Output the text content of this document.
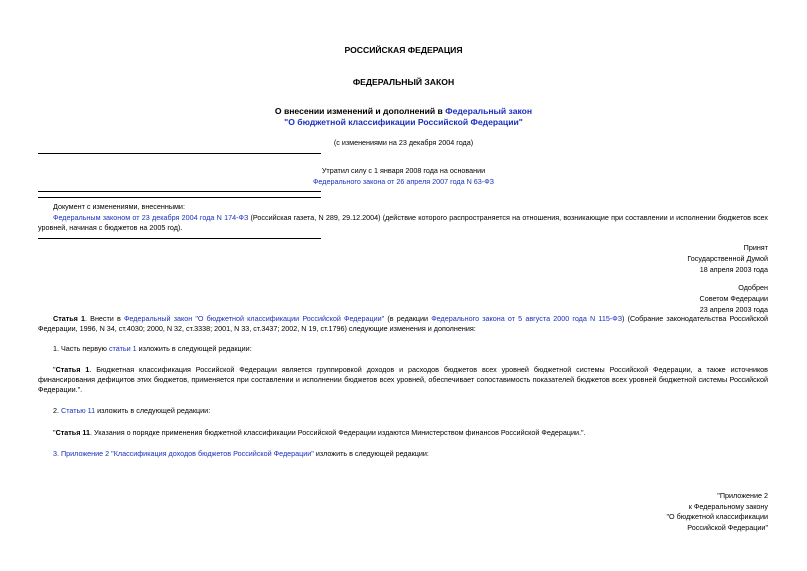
РОССИЙСКАЯ ФЕДЕРАЦИЯ
ФЕДЕРАЛЬНЫЙ ЗАКОН
О внесении изменений и дополнений в Федеральный закон
"О бюджетной классификации Российской Федерации"
(с изменениями на 23 декабря 2004 года)
Утратил силу с 1 января 2008 года на основании
Федерального закона от 26 апреля 2007 года N 63-ФЗ
Документ с изменениями, внесенными:
Федеральным законом от 23 декабря 2004 года N 174-ФЗ (Российская газета, N 289, 29.12.2004) (действие которого распространяется на отношения, возникающие при составлении и исполнении бюджетов всех уровней, начиная с бюджетов на 2005 год).
Принят
Государственной Думой
18 апреля 2003 года
Одобрен
Советом Федерации
23 апреля 2003 года
Статья 1. Внести в Федеральный закон "О бюджетной классификации Российской Федерации" (в редакции Федерального закона от 5 августа 2000 года N 115-ФЗ) (Собрание законодательства Российской Федерации, 1996, N 34, ст.4030; 2000, N 32, ст.3338; 2001, N 33, ст.3437; 2002, N 19, ст.1796) следующие изменения и дополнения:
1. Часть первую статьи 1 изложить в следующей редакции:
"Статья 1. Бюджетная классификация Российской Федерации является группировкой доходов и расходов бюджетов всех уровней бюджетной системы Российской Федерации, а также источников финансирования дефицитов этих бюджетов, применяется при составлении и исполнении бюджетов всех уровней, обеспечивает сопоставимость показателей бюджетов всех уровней бюджетной системы Российской Федерации.".
2. Статью 11 изложить в следующей редакции:
"Статья 11. Указания о порядке применения бюджетной классификации Российской Федерации издаются Министерством финансов Российской Федерации.".
3. Приложение 2 "Классификация доходов бюджетов Российской Федерации" изложить в следующей редакции:
"Приложение 2
к Федеральному закону
"О бюджетной классификации
Российской Федерации"
